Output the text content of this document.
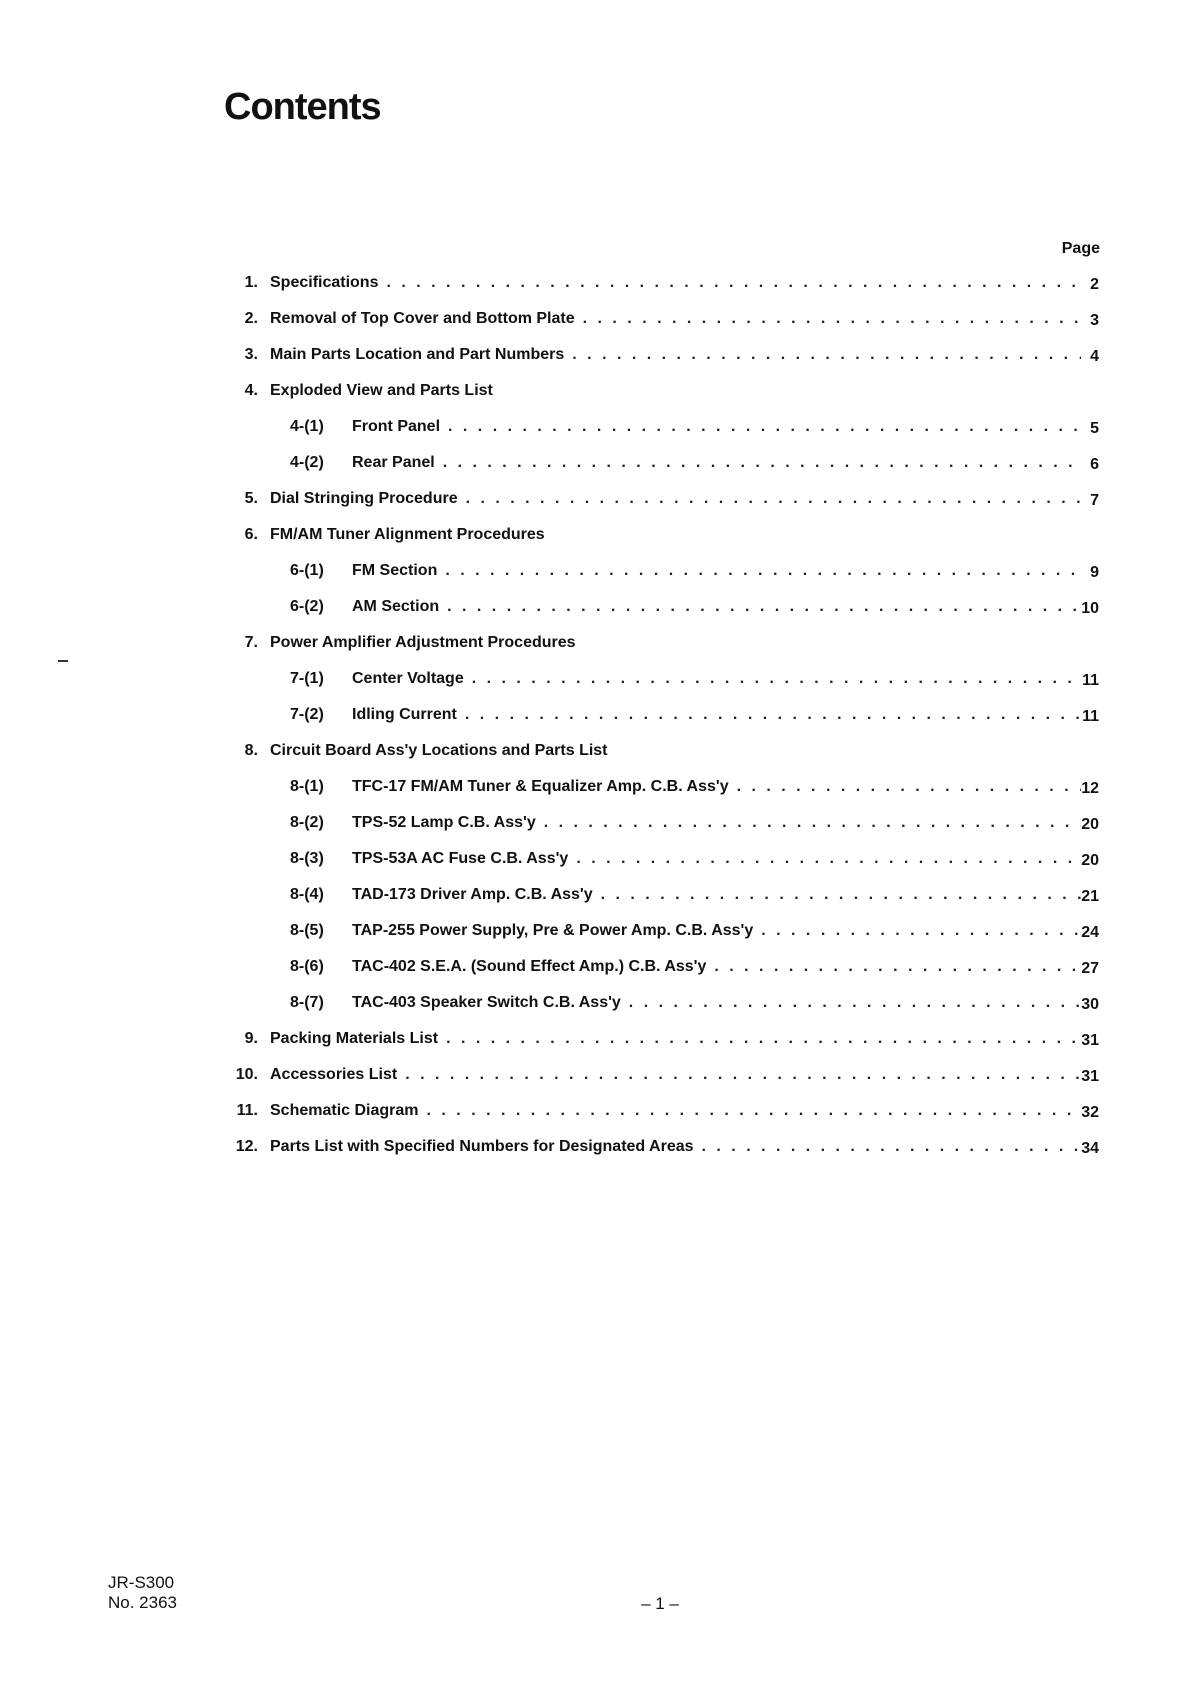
Contents
Page
1. Specifications . . .	2
2. Removal of Top Cover and Bottom Plate . . .	3
3. Main Parts Location and Part Numbers . . .	4
4. Exploded View and Parts List
4-(1)	Front Panel . . .	5
4-(2)	Rear Panel . . .	6
5. Dial Stringing Procedure . . .	7
6. FM/AM Tuner Alignment Procedures
6-(1)	FM Section . . .	9
6-(2)	AM Section . . .	10
7. Power Amplifier Adjustment Procedures
7-(1)	Center Voltage . . .	11
7-(2)	Idling Current . . .	11
8. Circuit Board Ass'y Locations and Parts List
8-(1)	TFC-17 FM/AM Tuner & Equalizer Amp. C.B. Ass'y . . .	12
8-(2)	TPS-52 Lamp C.B. Ass'y . . .	20
8-(3)	TPS-53A AC Fuse C.B. Ass'y . . .	20
8-(4)	TAD-173 Driver Amp. C.B. Ass'y . . .	21
8-(5)	TAP-255 Power Supply, Pre & Power Amp. C.B. Ass'y . . .	24
8-(6)	TAC-402 S.E.A. (Sound Effect Amp.) C.B. Ass'y . . .	27
8-(7)	TAC-403 Speaker Switch C.B. Ass'y . . .	30
9. Packing Materials List . . .	31
10. Accessories List . . .	31
11. Schematic Diagram . . .	32
12. Parts List with Specified Numbers for Designated Areas . . .	34
JR-S300
No. 2363	– 1 –
